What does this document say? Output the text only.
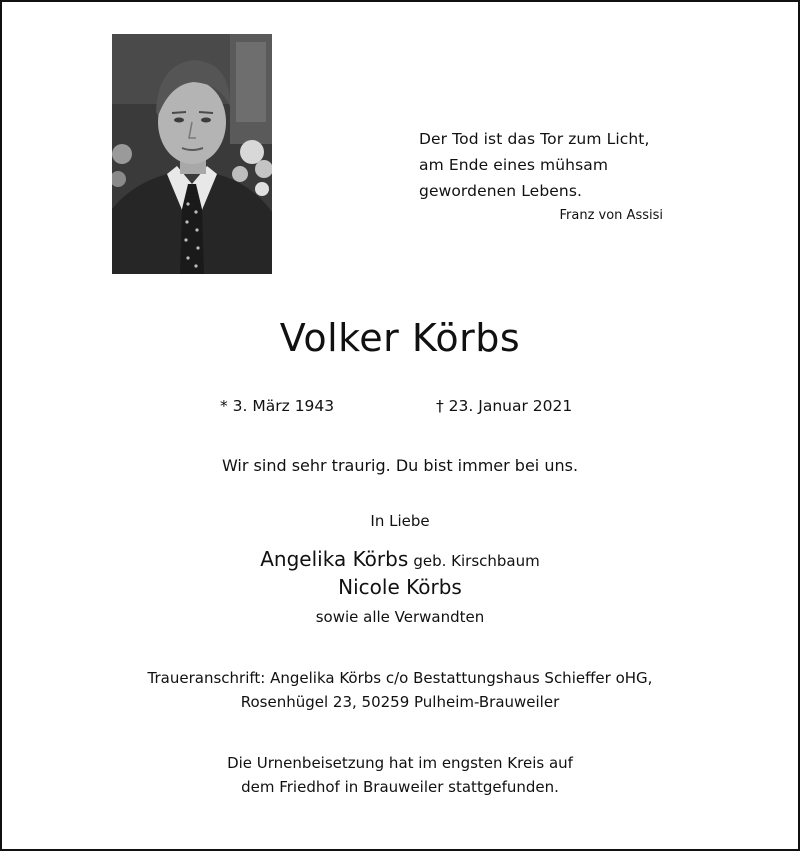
Der Tod ist das Tor zum Licht,
am Ende eines mühsam
gewordenen Lebens.
Franz von Assisi
Volker Körbs
* 3. März 1943	† 23. Januar 2021
Wir sind sehr traurig. Du bist immer bei uns.
In Liebe
Angelika Körbs geb. Kirschbaum
Nicole Körbs
sowie alle Verwandten
Traueranschrift: Angelika Körbs c/o Bestattungshaus Schieffer oHG,
Rosenhügel 23, 50259 Pulheim-Brauweiler
Die Urnenbeisetzung hat im engsten Kreis auf
dem Friedhof in Brauweiler stattgefunden.
